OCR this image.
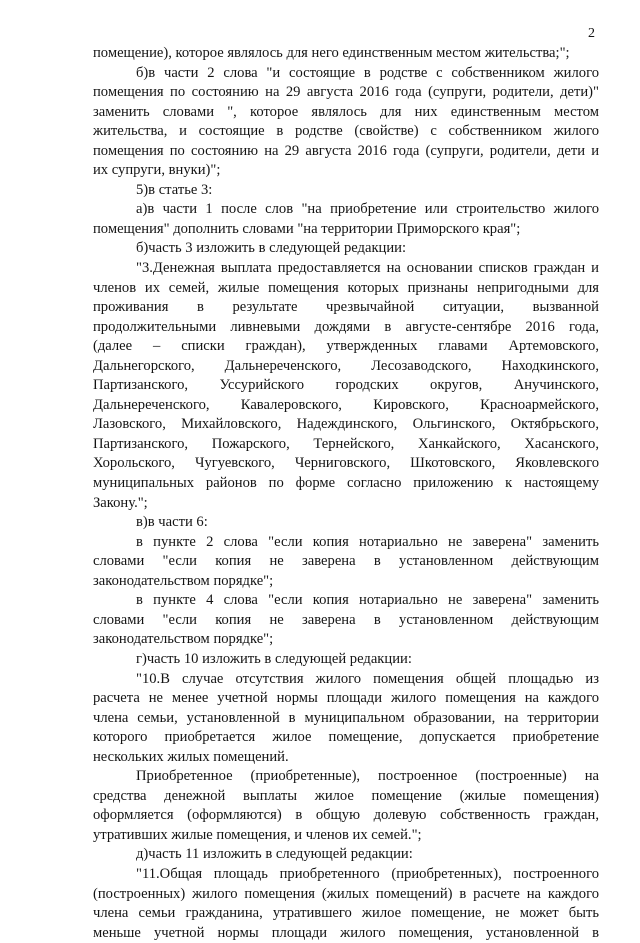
2
помещение), которое являлось для него единственным местом жительства;";
б)в части 2 слова "и состоящие в родстве с собственником жилого
помещения по состоянию на 29 августа 2016 года (супруги, родители, дети)"
заменить словами ", которое являлось для них единственным местом
жительства, и состоящие в родстве (свойстве) с собственником жилого
помещения по состоянию на 29 августа 2016 года (супруги, родители, дети и
их супруги, внуки)";
5)в статье 3:
а)в части 1 после слов "на приобретение или строительство жилого
помещения" дополнить словами "на территории Приморского края";
б)часть 3 изложить в следующей редакции:
"3.Денежная выплата предоставляется на основании списков граждан и
членов их семей, жилые помещения которых признаны непригодными для
проживания в результате чрезвычайной ситуации, вызванной
продолжительными ливневыми дождями в августе-сентябре 2016 года,
(далее – списки граждан), утвержденных главами Артемовского,
Дальнегорского, Дальнереченского, Лесозаводского, Находкинского,
Партизанского, Уссурийского городских округов, Анучинского,
Дальнереченского, Кавалеровского, Кировского, Красноармейского,
Лазовского, Михайловского, Надеждинского, Ольгинского, Октябрьского,
Партизанского, Пожарского, Тернейского, Ханкайского, Хасанского,
Хорольского, Чугуевского, Черниговского, Шкотовского, Яковлевского
муниципальных районов по форме согласно приложению к настоящему
Закону.";
в)в части 6:
в пункте 2 слова "если копия нотариально не заверена" заменить
словами "если копия не заверена в установленном действующим
законодательством порядке";
в пункте 4 слова "если копия нотариально не заверена" заменить
словами "если копия не заверена в установленном действующим
законодательством порядке";
г)часть 10 изложить в следующей редакции:
"10.В случае отсутствия жилого помещения общей площадью из
расчета не менее учетной нормы площади жилого помещения на каждого
члена семьи, установленной в муниципальном образовании, на территории
которого приобретается жилое помещение, допускается приобретение
нескольких жилых помещений.
Приобретенное (приобретенные), построенное (построенные) на
средства денежной выплаты жилое помещение (жилые помещения)
оформляется (оформляются) в общую долевую собственность граждан,
утративших жилые помещения, и членов их семей.";
д)часть 11 изложить в следующей редакции:
"11.Общая площадь приобретенного (приобретенных), построенного
(построенных) жилого помещения (жилых помещений) в расчете на каждого
члена семьи гражданина, утратившего жилое помещение, не может быть
меньше учетной нормы площади жилого помещения, установленной в
